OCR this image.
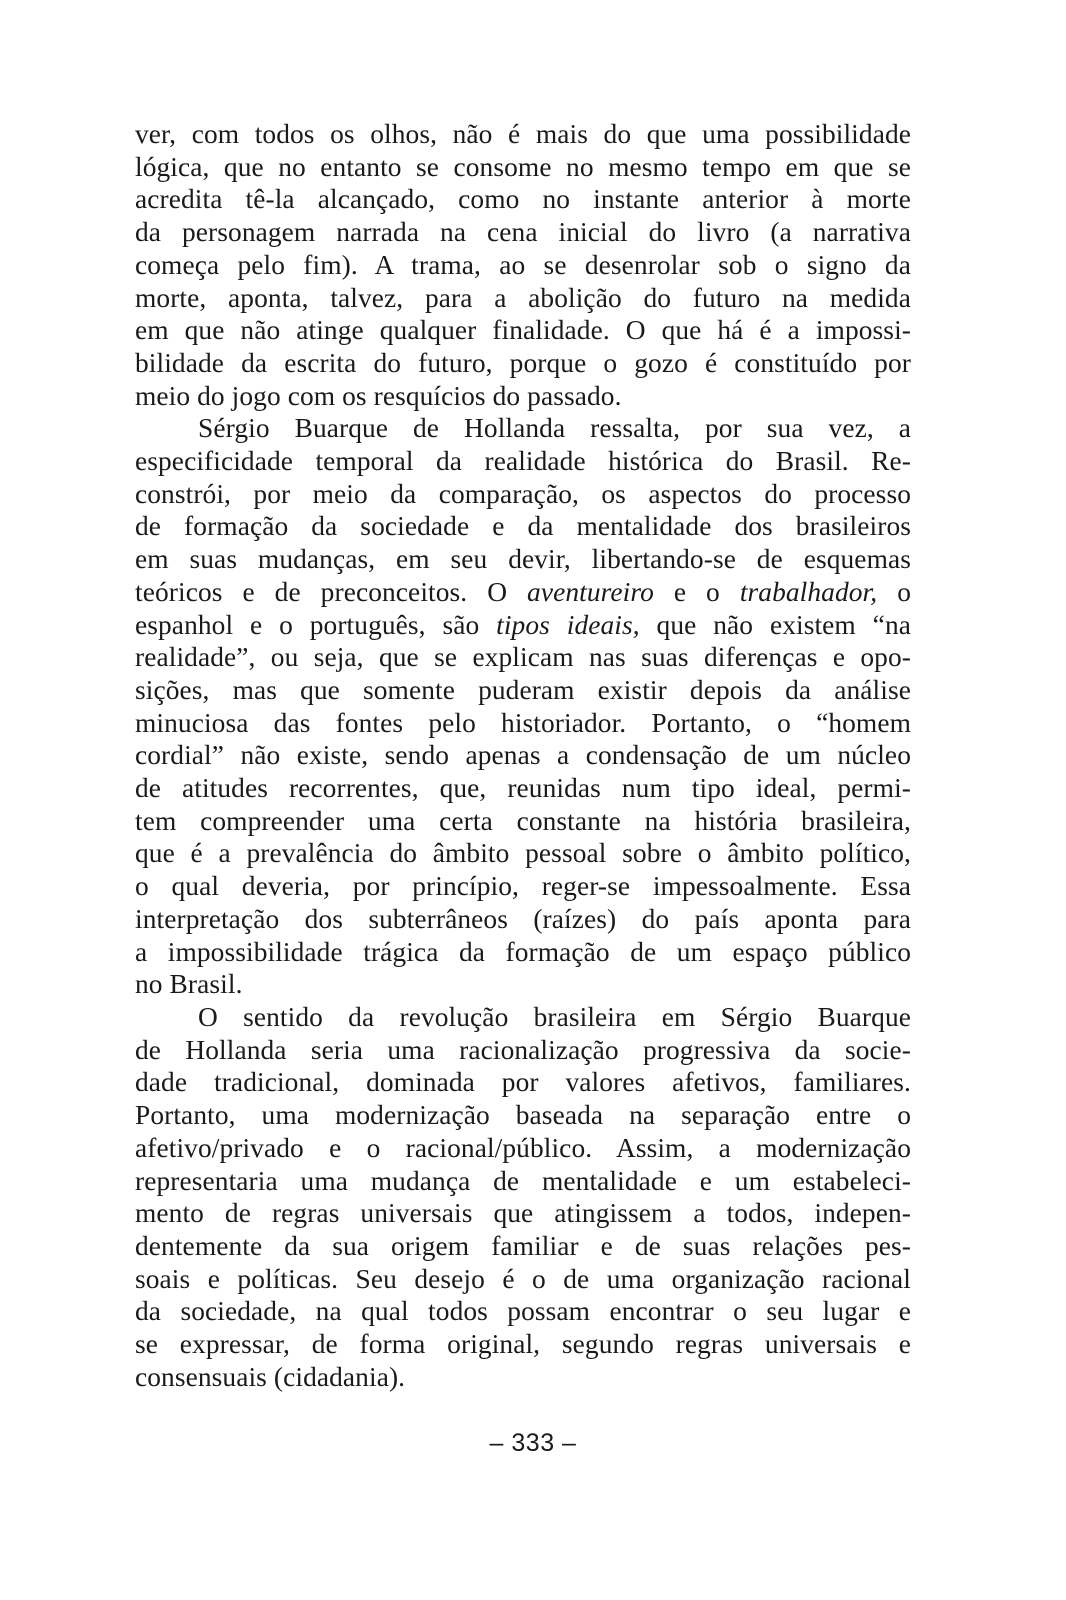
ver, com todos os olhos, não é mais do que uma possibilidade
lógica, que no entanto se consome no mesmo tempo em que se
acredita tê-la alcançado, como no instante anterior à morte
da personagem narrada na cena inicial do livro (a narrativa
começa pelo fim). A trama, ao se desenrolar sob o signo da
morte, aponta, talvez, para a abolição do futuro na medida
em que não atinge qualquer finalidade. O que há é a impossi-
bilidade da escrita do futuro, porque o gozo é constituído por
meio do jogo com os resquícios do passado.

Sérgio Buarque de Hollanda ressalta, por sua vez, a
especificidade temporal da realidade histórica do Brasil. Re-
constrói, por meio da comparação, os aspectos do processo
de formação da sociedade e da mentalidade dos brasileiros
em suas mudanças, em seu devir, libertando-se de esquemas
teóricos e de preconceitos. O aventureiro e o trabalhador, o
espanhol e o português, são tipos ideais, que não existem “na
realidade”, ou seja, que se explicam nas suas diferenças e opo-
sições, mas que somente puderam existir depois da análise
minuciosa das fontes pelo historiador. Portanto, o “homem
cordial” não existe, sendo apenas a condensação de um núcleo
de atitudes recorrentes, que, reunidas num tipo ideal, permi-
tem compreender uma certa constante na história brasileira,
que é a prevalência do âmbito pessoal sobre o âmbito político,
o qual deveria, por princípio, reger-se impessoalmente. Essa
interpretação dos subterrâneos (raízes) do país aponta para
a impossibilidade trágica da formação de um espaço público
no Brasil.

O sentido da revolução brasileira em Sérgio Buarque
de Hollanda seria uma racionalização progressiva da socie-
dade tradicional, dominada por valores afetivos, familiares.
Portanto, uma modernização baseada na separação entre o
afetivo/privado e o racional/público. Assim, a modernização
representaria uma mudança de mentalidade e um estabeleci-
mento de regras universais que atingissem a todos, indepen-
dentemente da sua origem familiar e de suas relações pes-
soais e políticas. Seu desejo é o de uma organização racional
da sociedade, na qual todos possam encontrar o seu lugar e
se expressar, de forma original, segundo regras universais e
consensuais (cidadania).

– 333 –
